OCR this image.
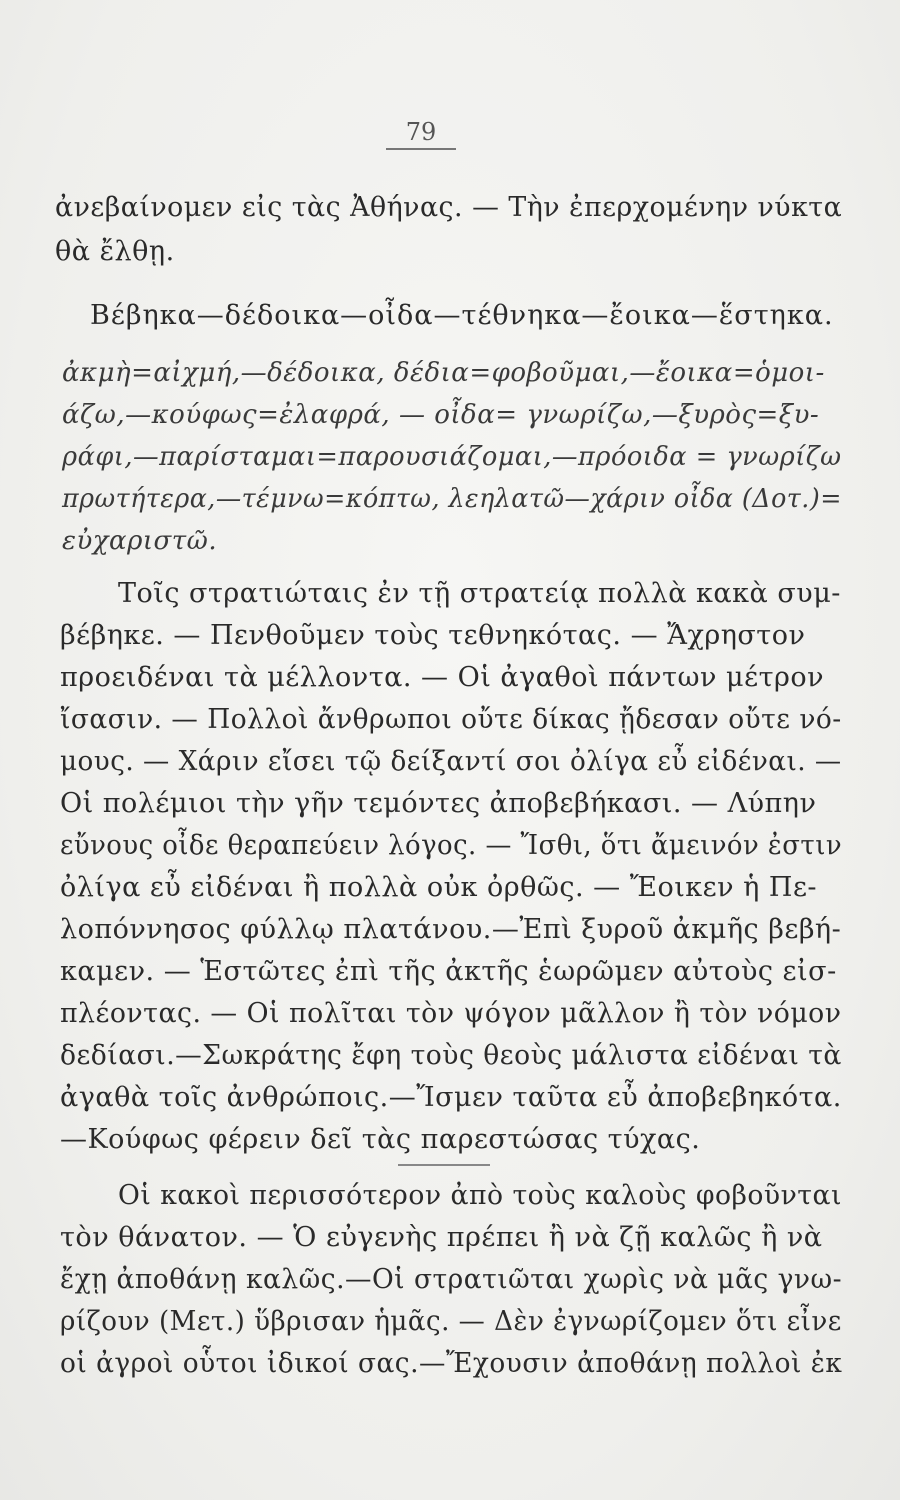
79
ἀνεβαίνομεν εἰς τὰς Ἀθήνας. — Τὴν ἐπερχομένην νύκτα
θὰ ἔλθῃ.
Βέβηκα—δέδοικα—οἶδα—τέθνηκα—ἔοικα—ἕστηκα.
ἀκμὴ=αἰχμή,—δέδοικα, δέδια=φοβοῦμαι,—ἔοικα=ὁμοι-
άζω,—κούφως=ἐλαφρά, — οἶδα= γνωρίζω,—ξυρὸς=ξυ-
ράφι,—παρίσταμαι=παρουσιάζομαι,—πρόοιδα = γνωρίζω
πρωτήτερα,—τέμνω=κόπτω, λεηλατῶ—χάριν οἶδα (Δοτ.)=
εὐχαριστῶ.
Τοῖς στρατιώταις ἐν τῇ στρατείᾳ πολλὰ κακὰ συμ-
βέβηκε. — Πενθοῦμεν τοὺς τεθνηκότας. — Ἄχρηστον
προειδέναι τὰ μέλλοντα. — Οἱ ἀγαθοὶ πάντων μέτρον
ἴσασιν. — Πολλοὶ ἄνθρωποι οὔτε δίκας ᾔδεσαν οὔτε νό-
μους. — Χάριν εἴσει τῷ δείξαντί σοι ὀλίγα εὖ εἰδέναι. —
Οἱ πολέμιοι τὴν γῆν τεμόντες ἀποβεβήκασι. — Λύπην
εὔνους οἶδε θεραπεύειν λόγος. — Ἴσθι, ὅτι ἄμεινόν ἐστιν
ὀλίγα εὖ εἰδέναι ἢ πολλὰ οὐκ ὀρθῶς. — Ἔοικεν ἡ Πε-
λοπόννησος φύλλῳ πλατάνου.—Ἐπὶ ξυροῦ ἀκμῆς βεβή-
καμεν. — Ἑστῶτες ἐπὶ τῆς ἀκτῆς ἑωρῶμεν αὐτοὺς εἰσ-
πλέοντας. — Οἱ πολῖται τὸν ψόγον μᾶλλον ἢ τὸν νόμον
δεδίασι.—Σωκράτης ἔφη τοὺς θεοὺς μάλιστα εἰδέναι τὰ
ἀγαθὰ τοῖς ἀνθρώποις.—Ἴσμεν ταῦτα εὖ ἀποβεβηκότα.
—Κούφως φέρειν δεῖ τὰς παρεστώσας τύχας.
Οἱ κακοὶ περισσότερον ἀπὸ τοὺς καλοὺς φοβοῦνται
τὸν θάνατον. — Ὁ εὐγενὴς πρέπει ἢ νὰ ζῇ καλῶς ἢ νὰ
ἔχῃ ἀποθάνῃ καλῶς.—Οἱ στρατιῶται χωρὶς νὰ μᾶς γνω-
ρίζουν (Μετ.) ὕβρισαν ἡμᾶς. — Δὲν ἐγνωρίζομεν ὅτι εἶνε
οἱ ἀγροὶ οὗτοι ἰδικοί σας.—Ἔχουσιν ἀποθάνῃ πολλοὶ ἐκ
